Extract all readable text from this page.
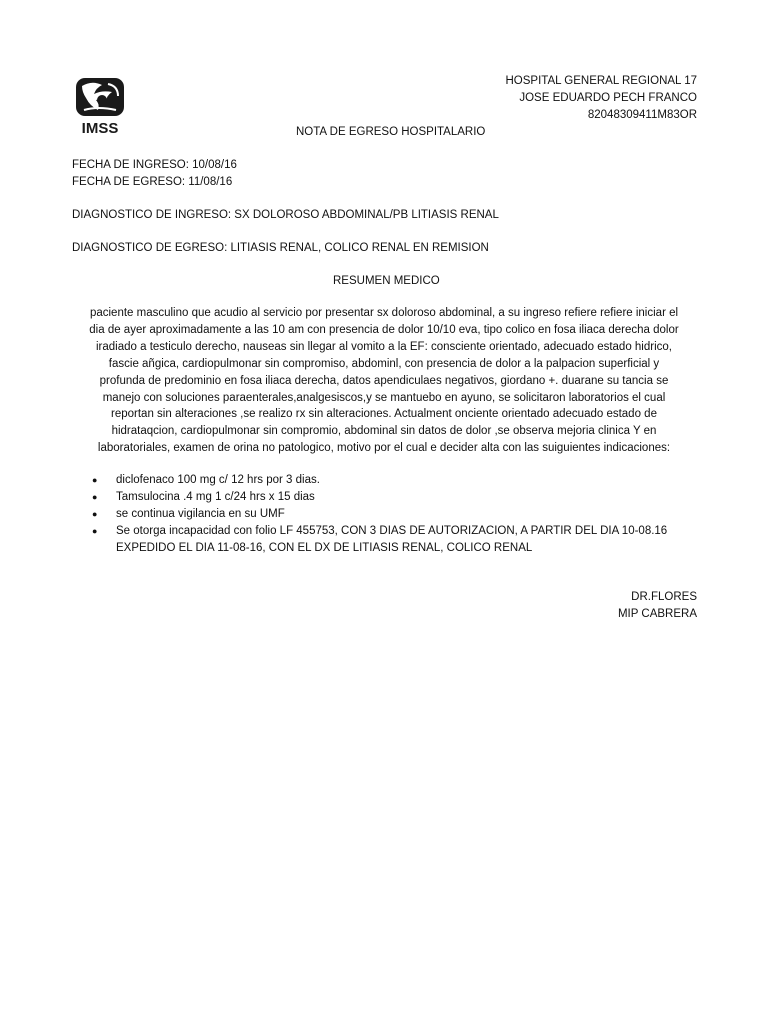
IMSS
HOSPITAL GENERAL REGIONAL 17
JOSE EDUARDO PECH FRANCO
82048309411M83OR
NOTA DE EGRESO HOSPITALARIO
FECHA DE INGRESO: 10/08/16
FECHA DE EGRESO: 11/08/16
DIAGNOSTICO DE INGRESO: SX DOLOROSO ABDOMINAL/PB LITIASIS RENAL
DIAGNOSTICO DE EGRESO: LITIASIS RENAL, COLICO RENAL EN REMISION
RESUMEN MEDICO
paciente masculino que acudio al servicio por presentar sx doloroso abdominal, a su ingreso refiere refiere iniciar el
dia de ayer aproximadamente a las 10 am con presencia de dolor 10/10 eva, tipo colico en fosa iliaca derecha dolor
iradiado a testiculo derecho, nauseas sin llegar al vomito a la EF: consciente orientado, adecuado estado hidrico,
fascie añgica, cardiopulmonar sin compromiso, abdominl, con presencia de dolor a la palpacion superficial y
profunda de predominio en fosa iliaca derecha, datos apendiculaes negativos, giordano +. duarane su tancia se
manejo con soluciones paraenterales,analgesiscos,y se mantuebo en ayuno, se solicitaron laboratorios el cual
reportan sin alteraciones ,se realizo rx sin alteraciones. Actualment onciente orientado adecuado estado de
hidrataqcion, cardiopulmonar sin compromio, abdominal sin datos de dolor ,se observa mejoria clinica Y en
laboratoriales, examen de orina no patologico, motivo por el cual e decider alta con las suiguientes indicaciones:
● diclofenaco 100 mg c/ 12 hrs por 3 dias.
● Tamsulocina .4 mg 1 c/24 hrs x 15 dias
● se continua vigilancia en su UMF
● Se otorga incapacidad con folio LF 455753, CON 3 DIAS DE AUTORIZACION, A PARTIR DEL DIA 10-08.16
EXPEDIDO EL DIA 11-08-16, CON EL DX DE LITIASIS RENAL, COLICO RENAL
DR.FLORES
MIP CABRERA
